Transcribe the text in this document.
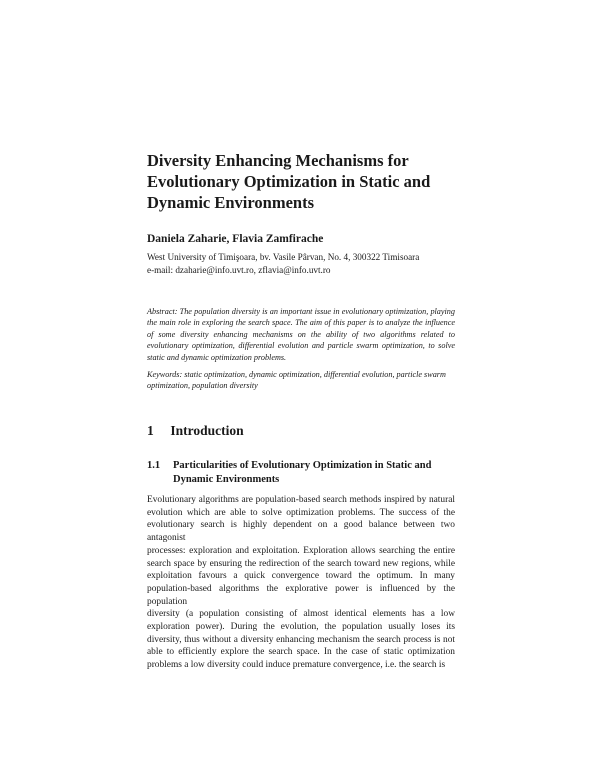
Diversity Enhancing Mechanisms for Evolutionary Optimization in Static and Dynamic Environments
Daniela Zaharie, Flavia Zamfirache
West University of Timişoara, bv. Vasile Pârvan, No. 4, 300322 Timisoara
e-mail: dzaharie@info.uvt.ro, zflavia@info.uvt.ro
Abstract: The population diversity is an important issue in evolutionary optimization, playing the main role in exploring the search space. The aim of this paper is to analyze the influence of some diversity enhancing mechanisms on the ability of two algorithms related to evolutionary optimization, differential evolution and particle swarm optimization, to solve static and dynamic optimization problems.
Keywords: static optimization, dynamic optimization, differential evolution, particle swarm optimization, population diversity
1 Introduction
1.1	Particularities of Evolutionary Optimization in Static and Dynamic Environments
Evolutionary algorithms are population-based search methods inspired by natural
evolution which are able to solve optimization problems. The success of the
evolutionary search is highly dependent on a good balance between two antagonist
processes: exploration and exploitation. Exploration allows searching the entire
search space by ensuring the redirection of the search toward new regions, while
exploitation favours a quick convergence toward the optimum. In many
population-based algorithms the explorative power is influenced by the population
diversity (a population consisting of almost identical elements has a low
exploration power). During the evolution, the population usually loses its
diversity, thus without a diversity enhancing mechanism the search process is not
able to efficiently explore the search space. In the case of static optimization
problems a low diversity could induce premature convergence, i.e. the search is
